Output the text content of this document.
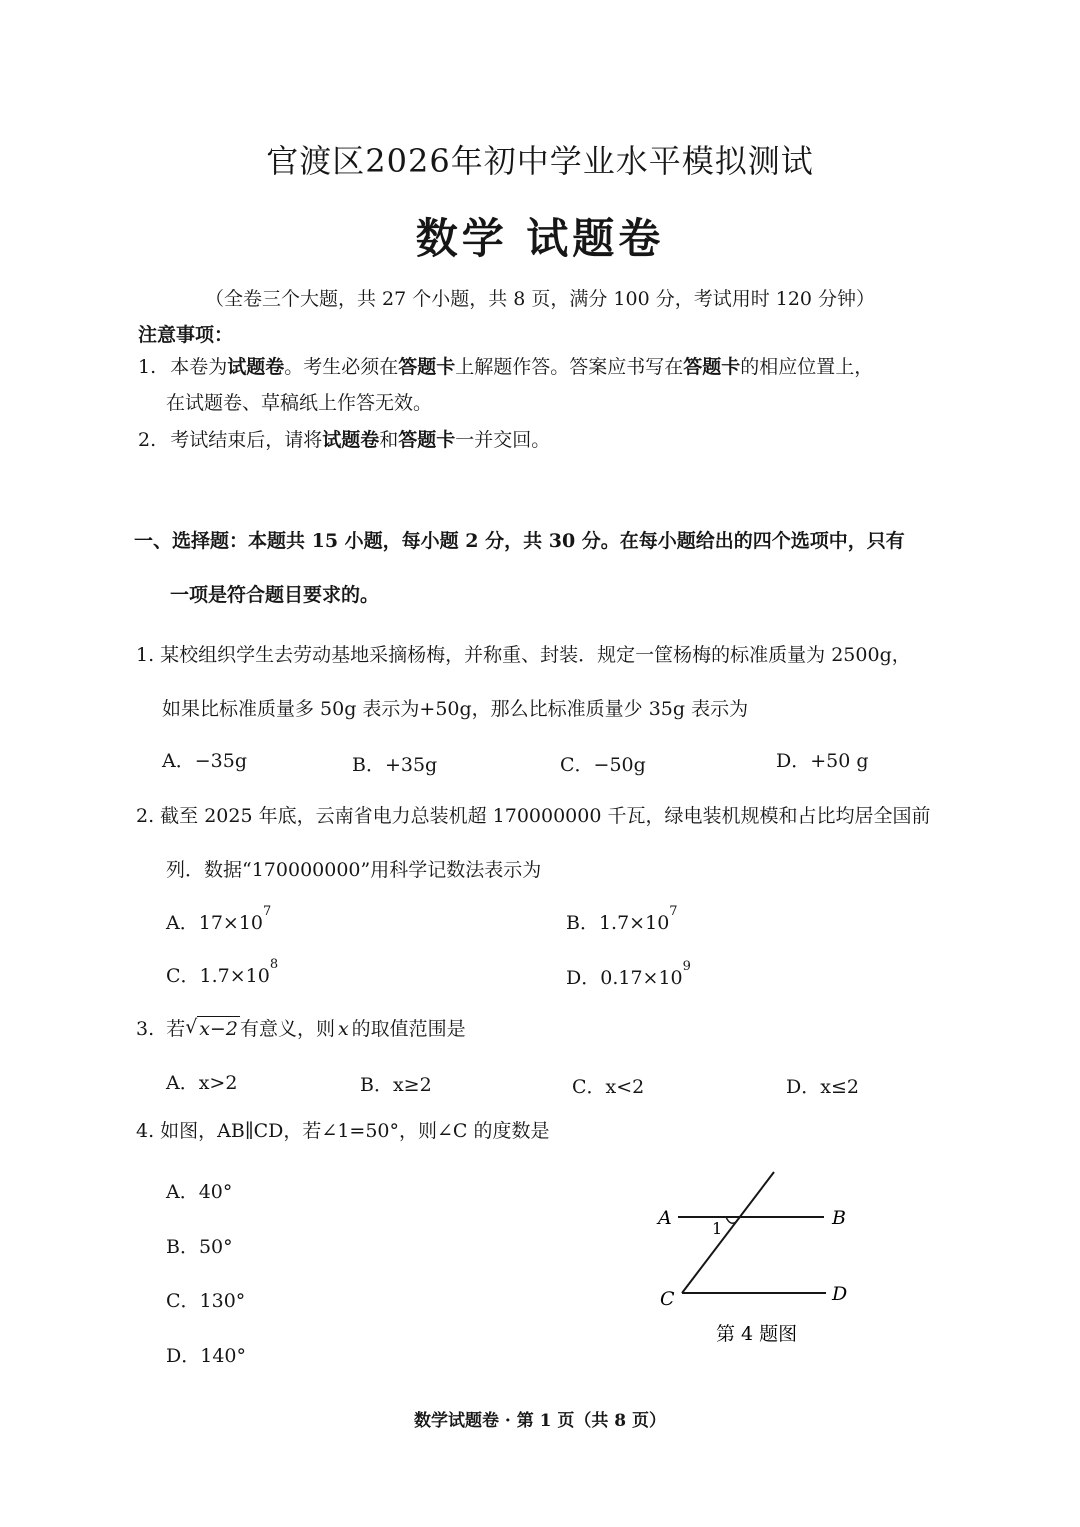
官渡区2026年初中学业水平模拟测试
数学 试题卷
（全卷三个大题，共 27 个小题，共 8 页，满分 100 分，考试用时 120 分钟）
注意事项：
1. 本卷为试题卷。考生必须在答题卡上解题作答。答案应书写在答题卡的相应位置上，
在试题卷、草稿纸上作答无效。
2. 考试结束后，请将试题卷和答题卡一并交回。
一、选择题：本题共 15 小题，每小题 2 分，共 30 分。在每小题给出的四个选项中，只有
一项是符合题目要求的。
1. 某校组织学生去劳动基地采摘杨梅，并称重、封装．规定一筐杨梅的标准质量为 2500g，
如果比标准质量多 50g 表示为+50g，那么比标准质量少 35g 表示为
A．−35g	B．+35g	C．−50g	D．+50 g
2. 截至 2025 年底，云南省电力总装机超 170000000 千瓦，绿电装机规模和占比均居全国前
列．数据“170000000”用科学记数法表示为
A．$17\times 10^7$
B．$1.7\times 10^7$
C．$1.7\times 10^8$
D．$0.17\times 10^9$
3. 若 √ x−2 有意义，则 x 的取值范围是
A．x>2	B．x≥2	C．x<2	D．x≤2
4. 如图，AB∥CD，若∠1=50°，则∠C 的度数是
A．40°
B．50°
C．130°
D．140°
A	B
C	D
1
第 4 题图
数学试题卷 · 第 1 页（共 8 页）
